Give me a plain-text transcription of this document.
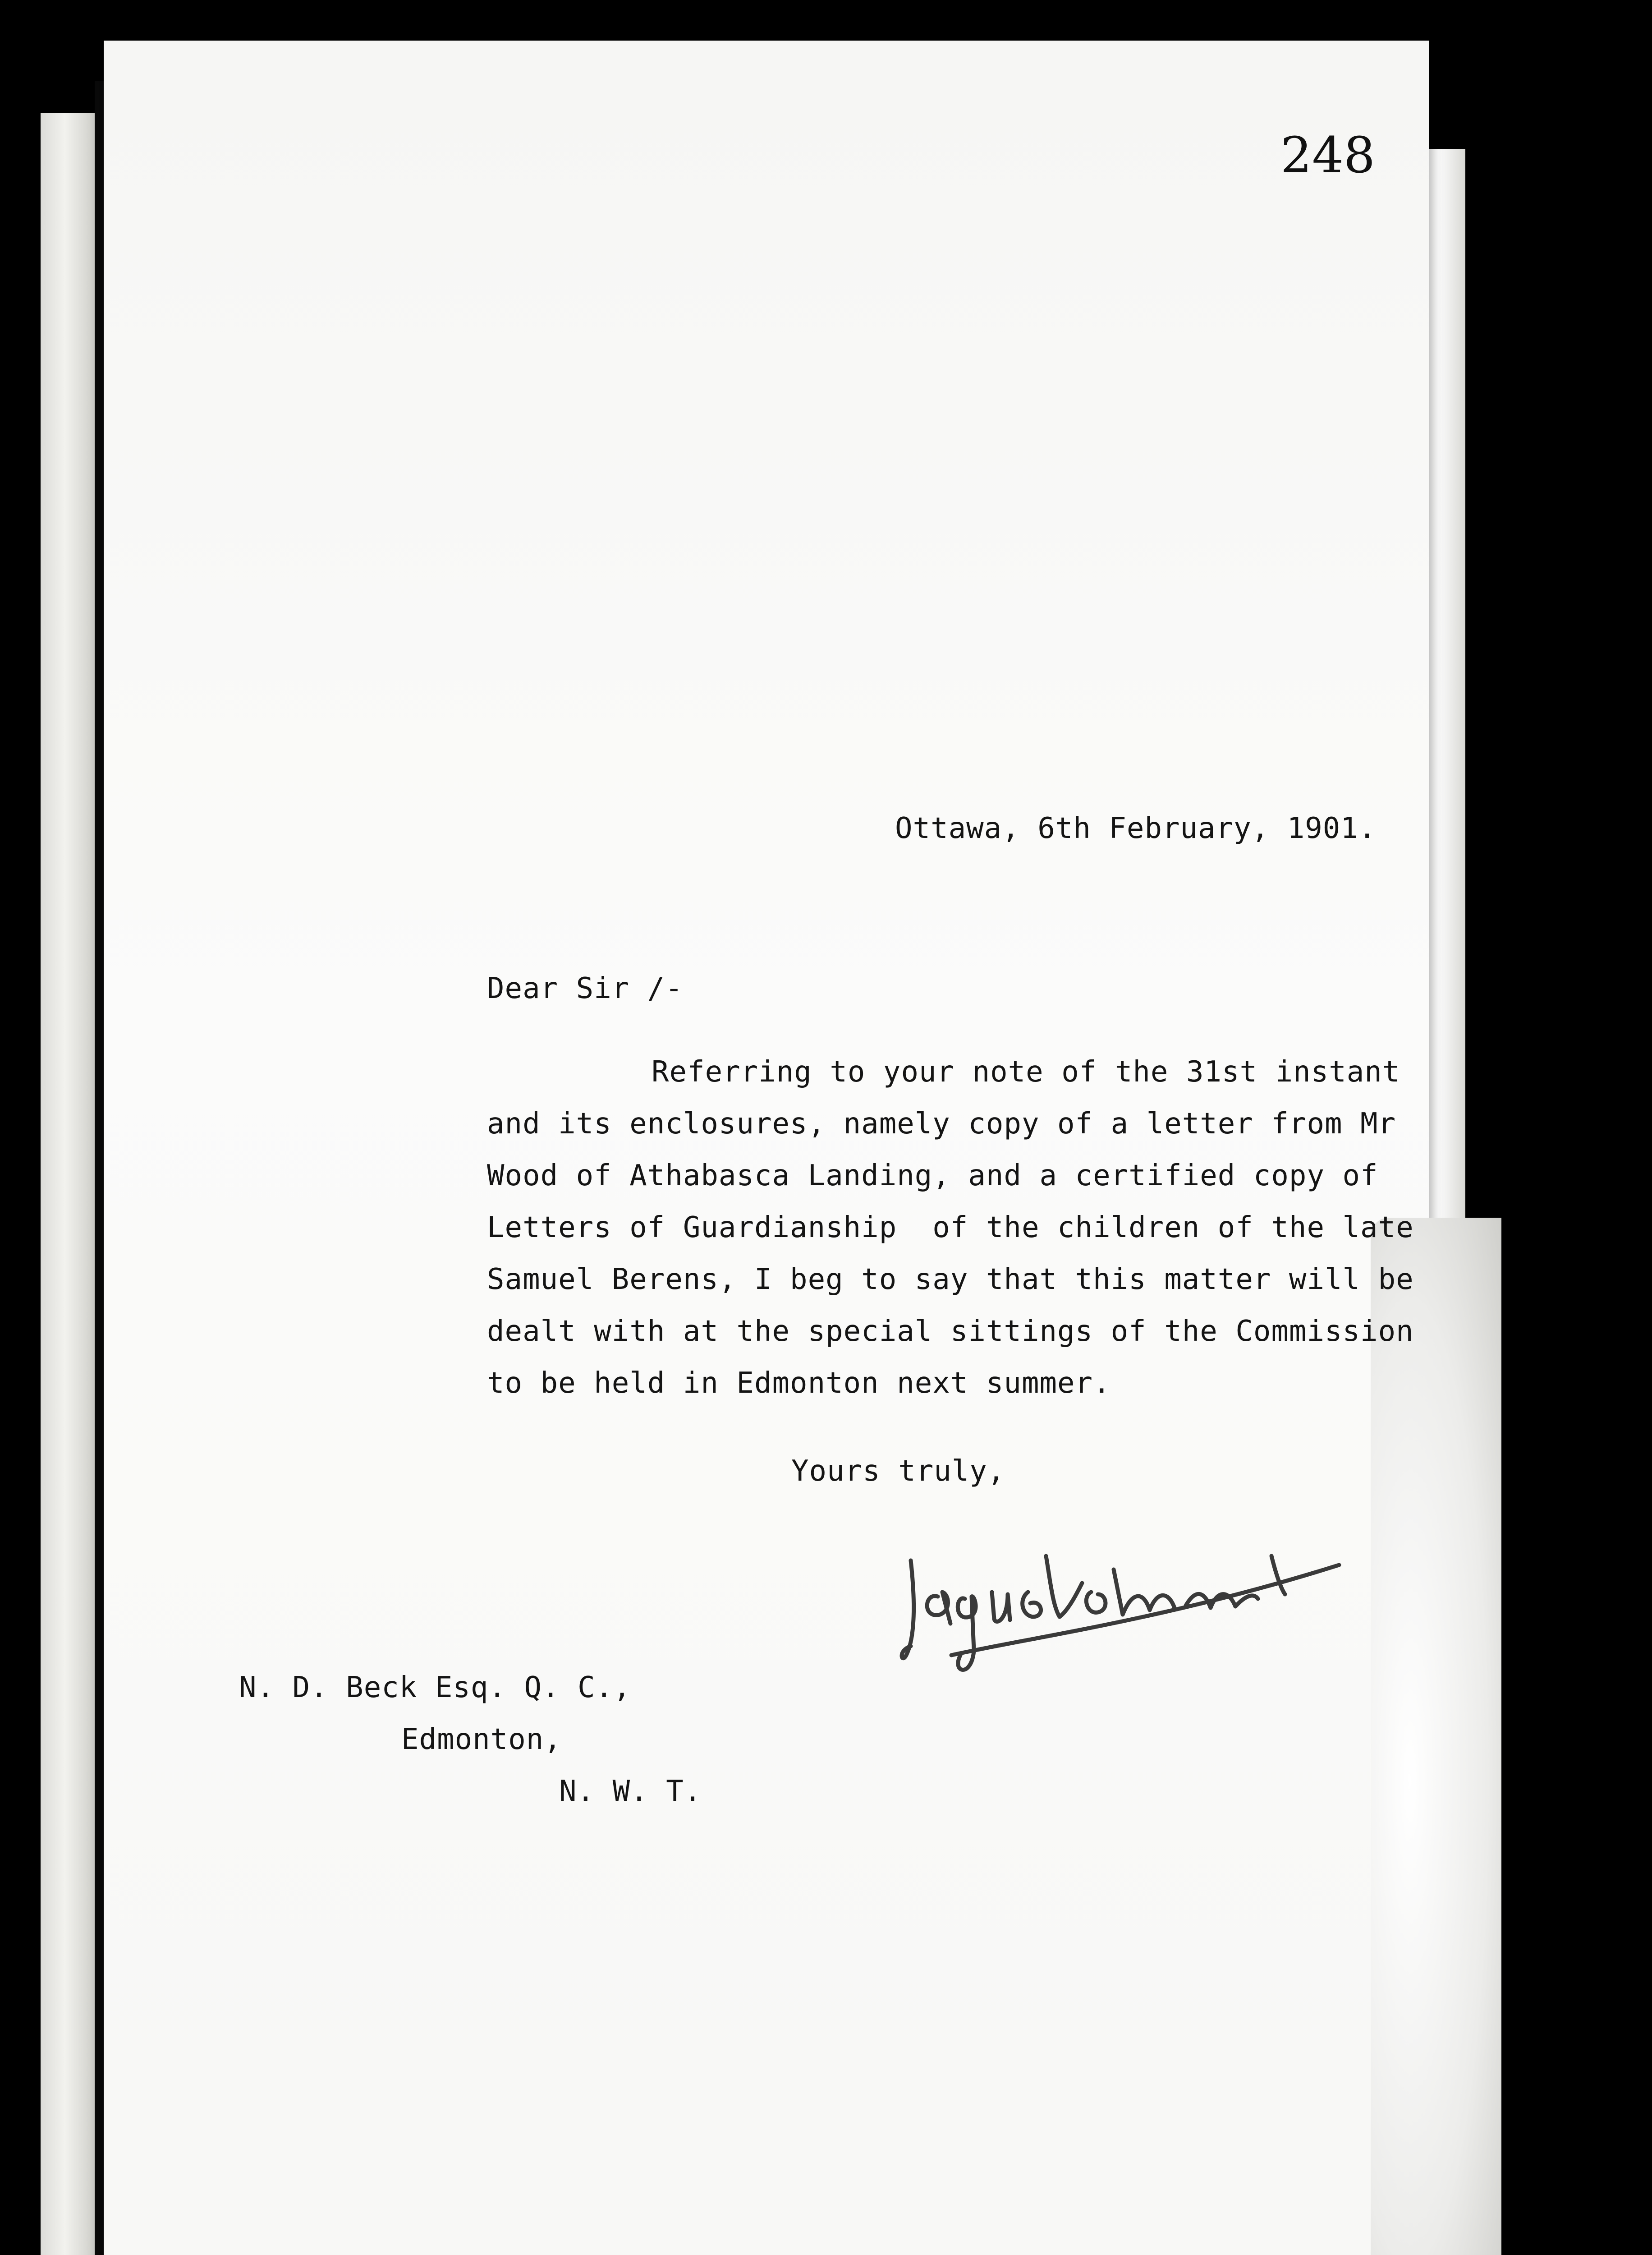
248
Ottawa, 6th February, 1901.
Dear Sir /-
Referring to your note of the 31st instant
and its enclosures, namely copy of a letter from Mr
Wood of Athabasca Landing, and a certified copy of
Letters of Guardianship  of the children of the late
Samuel Berens, I beg to say that this matter will be
dealt with at the special sittings of the Commission
to be held in Edmonton next summer.
Yours truly,
N. D. Beck Esq. Q. C.,
Edmonton,
N. W. T.
